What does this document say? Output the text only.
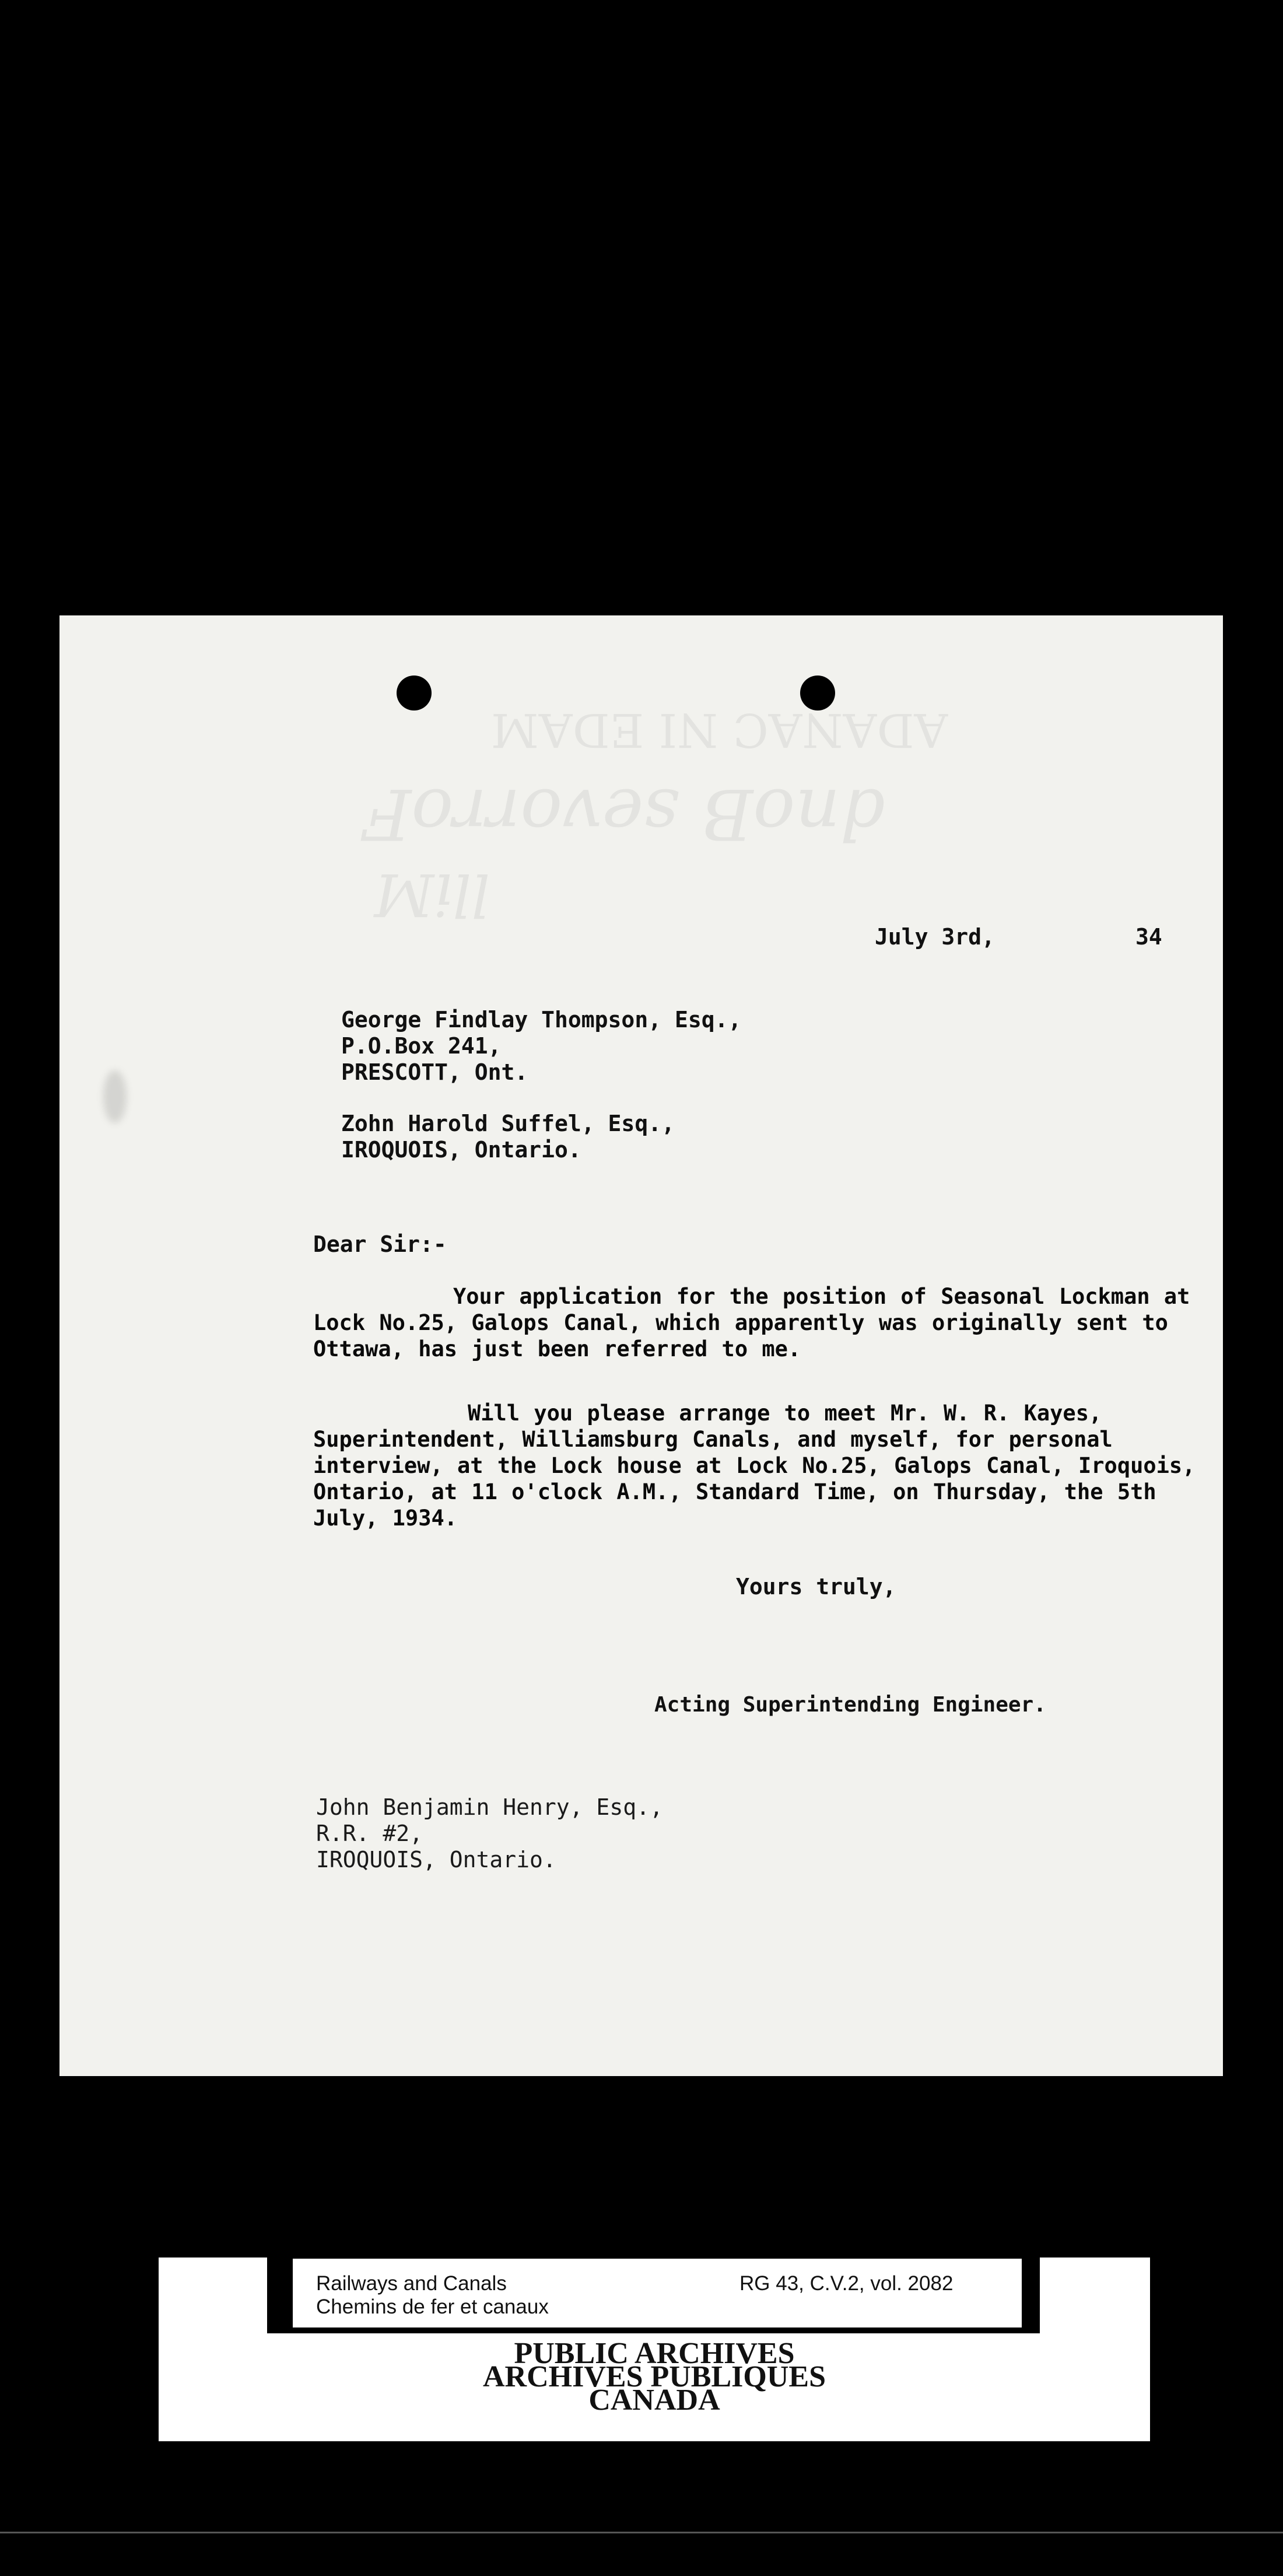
ADANAC NI EDAM
dnoB sevorroF
lliM
July 3rd,	34
George Findlay Thompson, Esq.,
P.O.Box 241,
PRESCOTT, Ont.
Zohn Harold Suffel, Esq.,
IROQUOIS, Ontario.
Dear Sir:-
Your application for the position of Seasonal Lockman at Lock No.25, Galops Canal, which apparently was originally sent to Ottawa, has just been referred to me.
Will you please arrange to meet Mr. W. R. Kayes, Superintendent, Williamsburg Canals, and myself, for personal interview, at the Lock house at Lock No.25, Galops Canal, Iroquois, Ontario, at 11 o'clock A.M., Standard Time, on Thursday, the 5th July, 1934.
Yours truly,
Acting Superintending Engineer.
John Benjamin Henry, Esq.,
R.R. #2,
IROQUOIS, Ontario.
Railways and Canals
Chemins de fer et canaux
RG 43, C.V.2, vol. 2082
PUBLIC ARCHIVES
ARCHIVES PUBLIQUES
CANADA
